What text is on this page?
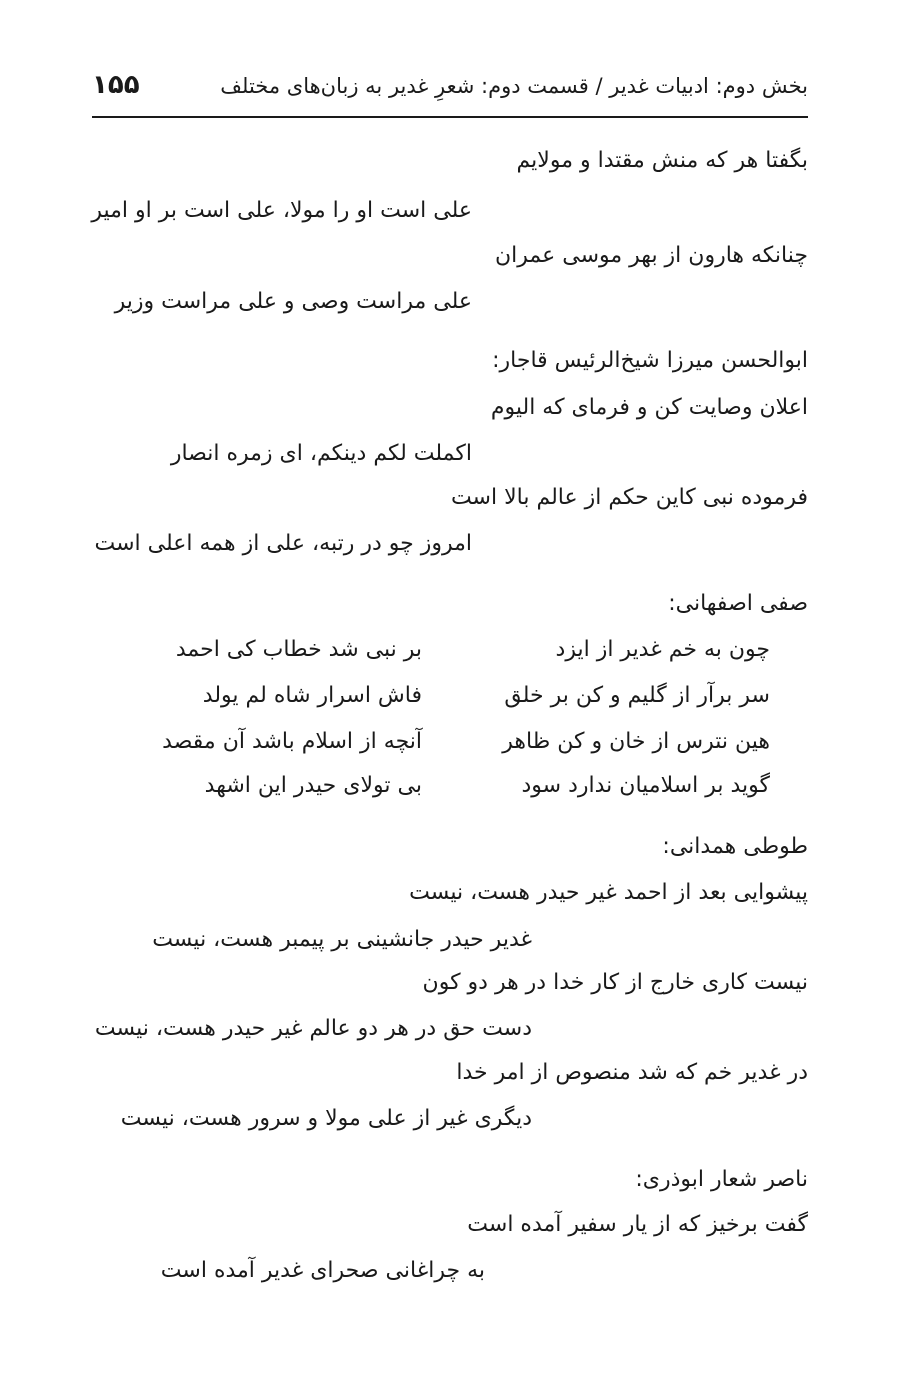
بخش دوم: ادبیات غدیر / قسمت دوم: شعرِ غدیر به زبان‌های مختلف
۱۵۵
بگفتا هر که منش مقتدا و مولایم
علی است او را مولا، علی است بر او امیر
چنانکه هارون از بهر موسی عمران
علی مراست وصی و علی مراست وزیر
ابوالحسن میرزا شیخ‌الرئیس قاجار:
اعلان وصایت کن و فرمای که الیوم
اکملت لکم دینکم، ای زمره انصار
فرموده نبی کاین حکم از عالم بالا است
امروز چو در رتبه، علی از همه اعلی است
صفی اصفهانی:
چون به خم غدیر از ایزد
بر نبی شد خطاب کی احمد
سر برآر از گلیم و کن بر خلق
فاش اسرار شاه لم یولد
هین نترس از خان و کن ظاهر
آنچه از اسلام باشد آن مقصد
گوید بر اسلامیان ندارد سود
بی تولای حیدر این اشهد
طوطی همدانی:
پیشوایی بعد از احمد غیر حیدر هست، نیست
غدیر حیدر جانشینی بر پیمبر هست، نیست
نیست کاری خارج از کار خدا در هر دو کون
دست حق در هر دو عالم غیر حیدر هست، نیست
در غدیر خم که شد منصوص از امر خدا
دیگری غیر از علی مولا و سرور هست، نیست
ناصر شعار ابوذری:
گفت برخیز که از یار سفیر آمده است
به چراغانی صحرای غدیر آمده است
